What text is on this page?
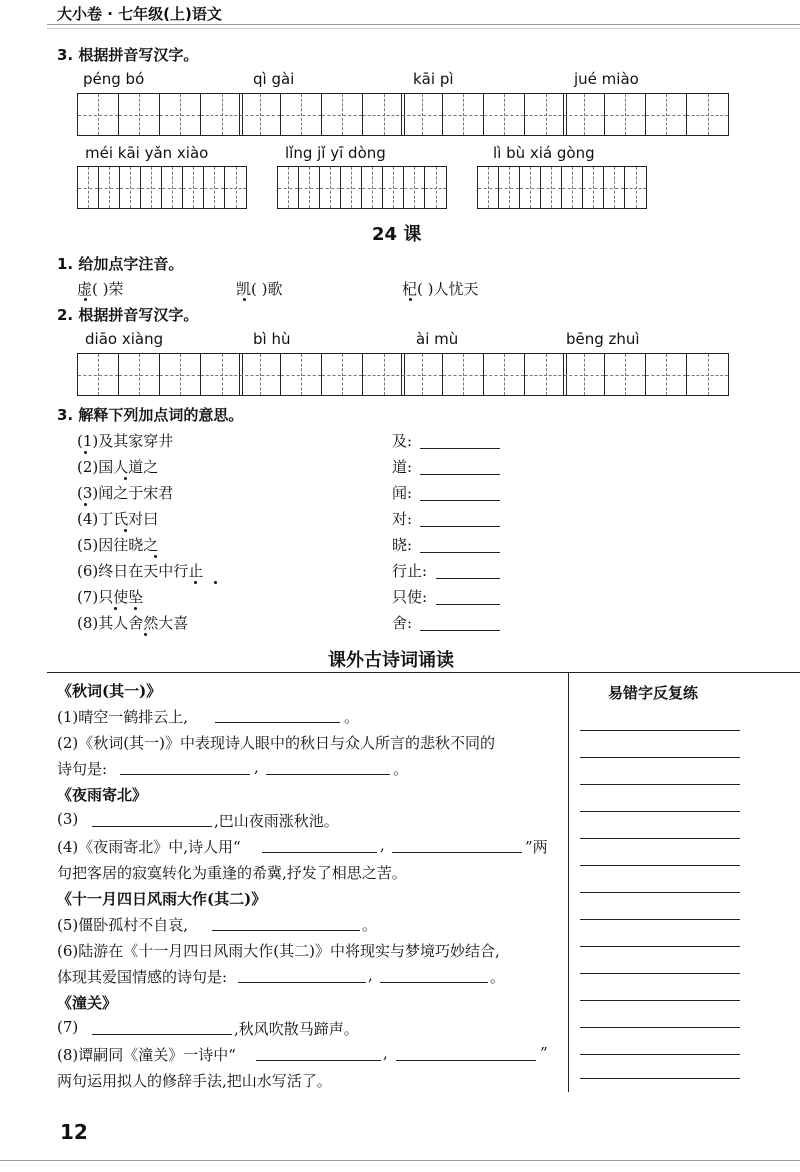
大小卷 · 七年级(上)语文
3. 根据拼音写汉字。
péng bó	qì gài	kāi pì	jué miào
méi kāi yǎn xiào	lǐng jǐ yī dòng	lì bù xiá gòng
24 课
1. 给加点字注音。
虚( )荣	凯( )歌	杞( )人忧天
2. 根据拼音写汉字。
diāo xiàng	bì hù	ài mù	bēng zhuì
3. 解释下列加点词的意思。
(1)及其家穿井	及:
(2)国人道之	道:
(3)闻之于宋君	闻:
(4)丁氏对曰	对:
(5)因往晓之	晓:
(6)终日在天中行止	行止:
(7)只使坠	只使:
(8)其人舍然大喜	舍:
课外古诗词诵读
易错字反复练
《秋词(其一)》
(1)晴空一鹤排云上,	。
(2)《秋词(其一)》中表现诗人眼中的秋日与众人所言的悲秋不同的
诗句是:	,	。
《夜雨寄北》
(3)	,巴山夜雨涨秋池。
(4)《夜雨寄北》中,诗人用“	,	”两
句把客居的寂寞转化为重逢的希冀,抒发了相思之苦。
《十一月四日风雨大作(其二)》
(5)僵卧孤村不自哀,	。
(6)陆游在《十一月四日风雨大作(其二)》中将现实与梦境巧妙结合,
体现其爱国情感的诗句是:	,	。
《潼关》
(7)	,秋风吹散马蹄声。
(8)谭嗣同《潼关》一诗中“	,	”
两句运用拟人的修辞手法,把山水写活了。
12
